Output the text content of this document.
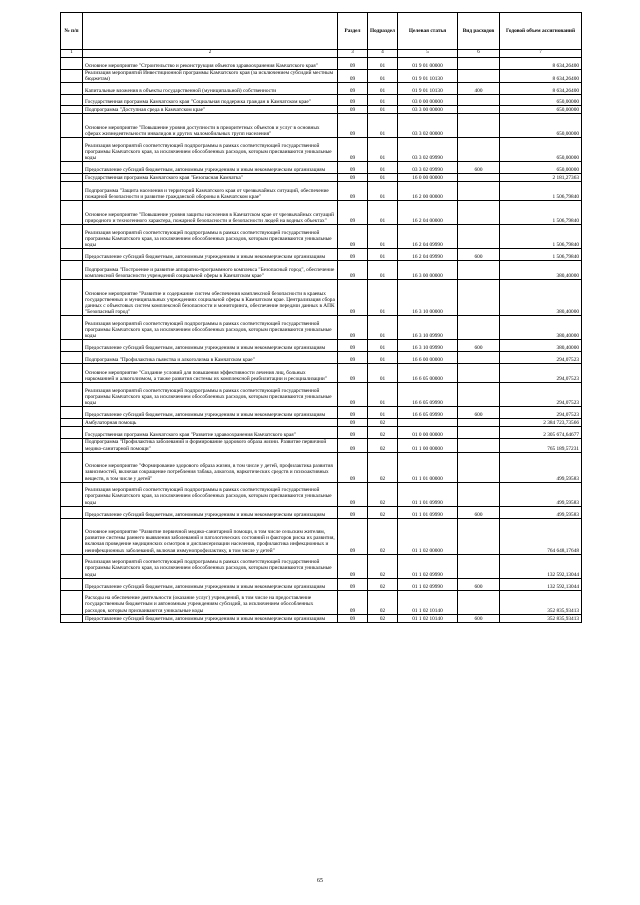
№ п/п		Раздел	Подраздел	Целевая статья	Вид расходов	Годовой объем ассигнований
1	2	3	4	5	6	7
	Основное мероприятие "Строительство и реконструкция объектов здравоохранения Камчатского края"	09	01	01 9 01 00000		8 634,26400
	Реализация мероприятий Инвестиционной программы Камчатского края (за исключением субсидий местным бюджетам)	09	01	01 9 01 10130		8 634,26400
	Капитальные вложения в объекты государственной (муниципальной) собственности	09	01	01 9 01 10130	400	8 634,26400
	Государственная программа Камчатского края "Социальная поддержка граждан в Камчатском крае"	09	01	03 0 00 00000		650,00000
	Подпрограмма "Доступная среда в Камчатском крае"	09	01	03 3 00 00000		650,00000
	Основное мероприятие "Повышение уровня доступности в приоритетных объектов и услуг в основных сферах жизнедеятельности инвалидов и других маломобильных групп населения"	09	01	03 3 02 00000		650,00000
	Реализация мероприятий соответствующей подпрограммы в рамках соответствующей государственной программы Камчатского края, за исключением обособленных расходов, которым присваиваются уникальные коды	09	01	03 3 02 09990		650,00000
	Предоставление субсидий бюджетным, автономным учреждениям и иным некоммерческим организациям	09	01	03 3 02 09990	600	650,00000
	Государственная программа Камчатского края "Безопасная Камчатка"	09	01	16 0 00 00000		2 181,27363
	Подпрограмма "Защита населения и территорий Камчатского края от чрезвычайных ситуаций, обеспечение пожарной безопасности и развитие гражданской обороны в Камчатском крае"	09	01	16 2 00 00000		1 506,79840
	Основное мероприятие "Повышение уровня защиты населения в Камчатском крае от чрезвычайных ситуаций природного и техногенного характера, пожарной безопасности и безопасности людей на водных объектах"	09	01	16 2 04 00000		1 506,79840
	Реализация мероприятий соответствующей подпрограммы в рамках соответствующей государственной программы Камчатского края, за исключением обособленных расходов, которым присваиваются уникальные коды	09	01	16 2 04 09990		1 506,79840
	Предоставление субсидий бюджетным, автономным учреждениям и иным некоммерческим организациям	09	01	16 2 04 09990	600	1 506,79840
	Подпрограмма "Построение и развитие аппаратно-программного комплекса "Безопасный город", обеспечение комплексной безопасности учреждений социальной сферы в Камчатском крае"	09	01	16 3 00 00000		380,40000
	Основное мероприятие "Развитие и содержание систем обеспечения комплексной безопасности в краевых государственных и муниципальных учреждениях социальной сферы в Камчатском крае. Централизация сбора данных с объектовых систем комплексной безопасности и мониторинга, обеспечение передачи данных в АПК "Безопасный город"	09	01	16 3 10 00000		380,40000
	Реализация мероприятий соответствующей подпрограммы в рамках соответствующей государственной программы Камчатского края, за исключением обособленных расходов, которым присваиваются уникальные коды	09	01	16 3 10 09990		380,40000
	Предоставление субсидий бюджетным, автономным учреждениям и иным некоммерческим организациям	09	01	16 3 10 09990	600	380,40000
	Подпрограмма "Профилактика пьянства и алкоголизма в Камчатском крае"	09	01	16 6 00 00000		294,07523
	Основное мероприятие "Создание условий для повышения эффективности лечения лиц, больных наркоманией и алкоголизмом, а также развития системы их комплексной реабилитации и ресоциализации"	09	01	16 6 05 00000		294,07523
	Реализация мероприятий соответствующей подпрограммы в рамках соответствующей государственной программы Камчатского края, за исключением обособленных расходов, которым присваиваются уникальные коды	09	01	16 6 05 09990		294,07523
	Предоставление субсидий бюджетным, автономным учреждениям и иным некоммерческим организациям	09	01	16 6 05 09990	600	294,07523
	Амбулаторная помощь	09	02			2 384 723,73566
	Государственная программа Камчатского края "Развитие здравоохранения Камчатского края"	09	02	01 0 00 00000		2 305 674,64677
	Подпрограмма "Профилактика заболеваний и формирование здорового образа жизни. Развитие первичной медико-санитарной помощи"	09	02	01 1 00 00000		765 189,57231
	Основное мероприятие "Формирование здорового образа жизни, в том числе у детей, профилактика развития зависимостей, включая сокращение потребления табака, алкоголя, наркотических средств и психоактивных веществ, в том числе у детей"	09	02	01 1 01 00000		499,59583
	Реализация мероприятий соответствующей подпрограммы в рамках соответствующей государственной программы Камчатского края, за исключением обособленных расходов, которым присваиваются уникальные коды	09	02	01 1 01 09990		499,59583
	Предоставление субсидий бюджетным, автономным учреждениям и иным некоммерческим организациям	09	02	01 1 01 09990	600	499,59583
	Основное мероприятие "Развитие первичной медико-санитарной помощи, в том числе сельским жителям, развитие системы раннего выявления заболеваний и патологических состояний и факторов риска их развития, включая проведение медицинских осмотров и диспансеризации населения, профилактика инфекционных и неинфекционных заболеваний, включая иммунопрофилактику, в том числе у детей"	09	02	01 1 02 00000		764 648,17648
	Реализация мероприятий соответствующей подпрограммы в рамках соответствующей государственной программы Камчатского края, за исключением обособленных расходов, которым присваиваются уникальные коды	09	02	01 1 02 09990		132 592,13044
	Предоставление субсидий бюджетным, автономным учреждениям и иным некоммерческим организациям	09	02	01 1 02 09990	600	132 592,13044
	Расходы на обеспечение деятельности (оказание услуг) учреждений, в том числе на предоставление государственным бюджетным и автономным учреждениям субсидий, за исключением обособленных расходов, которым присваиваются уникальные коды	09	02	01 1 02 10140		352 835,93413
	Предоставление субсидий бюджетным, автономным учреждениям и иным некоммерческим организациям	09	02	01 1 02 10140	600	352 835,93413
65
